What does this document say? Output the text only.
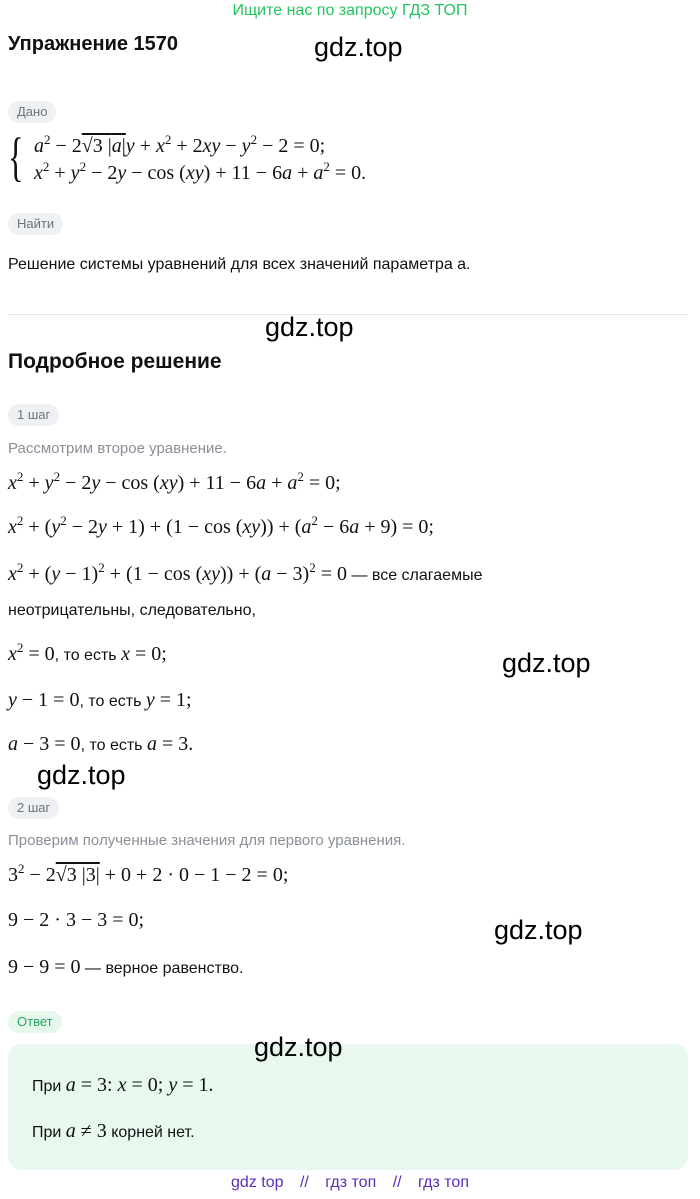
Ищите нас по запросу ГДЗ ТОП
Упражнение 1570	gdz.top
Дано
{ $a^2 - 2√3$ $|a|y + x^2 + 2xy - y^2 - 2 = 0$;
$x^2 + y^2 - 2y - \cos (xy) + 11 - 6a + a^2 = 0$.
Найти
Решение системы уравнений для всех значений параметра a.
gdz.top
Подробное решение
1 шаг
Рассмотрим второе уравнение.
$x^2 + y^2 - 2y - \cos (xy) + 11 - 6a + a^2 = 0$;
$x^2 + (y^2 - 2y + 1) + (1 - \cos (xy)) + (a^2 - 6a + 9) = 0$;
$x^2 + (y - 1)^2 + (1 - \cos (xy)) + (a - 3)^2 = 0$ — все слагаемые
неотрицательны, следовательно,
$x^2 = 0$, то есть x = 0;	gdz.top
y − 1 = 0, то есть y = 1;
a − 3 = 0, то есть a = 3.
gdz.top
2 шаг
Проверим полученные значения для первого уравнения.
$3^2 - 2√3$ |3| + 0 + 2 · 0 − 1 − 2 = 0;
9 − 2 · 3 − 3 = 0;	gdz.top
9 − 9 = 0 — верное равенство.
Ответ
gdz.top
При a = 3: x = 0; y = 1.
При a ≠ 3 корней нет.
gdz top // гдз топ // гдз топ
